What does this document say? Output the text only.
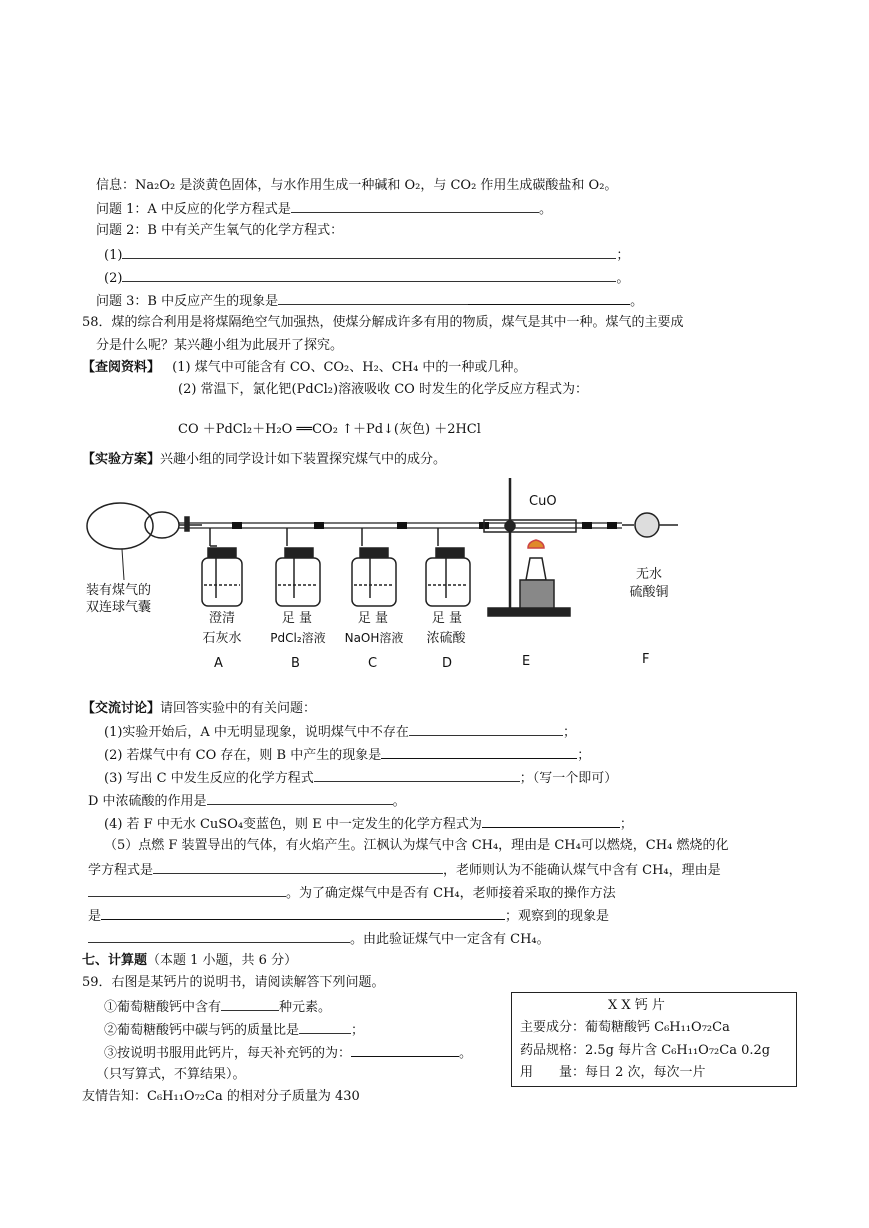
信息：Na₂O₂ 是淡黄色固体，与水作用生成一种碱和 O₂，与 CO₂ 作用生成碳酸盐和 O₂。
问题 1：A 中反应的化学方程式是	。
问题 2：B 中有关产生氧气的化学方程式：
(1)	；
(2)	。
问题 3：B 中反应产生的现象是	。
58．煤的综合利用是将煤隔绝空气加强热，使煤分解成许多有用的物质，煤气是其中一种。煤气的主要成
分是什么呢？某兴趣小组为此展开了探究。
【查阅资料】 (1) 煤气中可能含有 CO、CO₂、H₂、CH₄ 中的一种或几种。
(2) 常温下，氯化钯(PdCl₂)溶液吸收 CO 时发生的化学反应方程式为：
CO ＋PdCl₂＋H₂O ══CO₂ ↑＋Pd↓(灰色) ＋2HCl
【实验方案】兴趣小组的同学设计如下装置探究煤气中的成分。
装有煤气的
双连球气囊
CuO
澄清
石灰水
A
足 量
PdCl₂溶液
B
足 量
NaOH溶液
C
足 量
浓硫酸
D	E
无水
硫酸铜
F
【交流讨论】请回答实验中的有关问题：
(1)实验开始后，A 中无明显现象，说明煤气中不存在	；
(2) 若煤气中有 CO 存在，则 B 中产生的现象是	；
(3) 写出 C 中发生反应的化学方程式	；（写一个即可）
D 中浓硫酸的作用是	。
(4) 若 F 中无水 CuSO₄变蓝色，则 E 中一定发生的化学方程式为	；
（5）点燃 F 装置导出的气体，有火焰产生。江枫认为煤气中含 CH₄，理由是 CH₄可以燃烧，CH₄ 燃烧的化
学方程式是	，老师则认为不能确认煤气中含有 CH₄，理由是
。为了确定煤气中是否有 CH₄，老师接着采取的操作方法
是	；观察到的现象是
。由此验证煤气中一定含有 CH₄。
七、计算题（本题 1 小题，共 6 分）
59．右图是某钙片的说明书，请阅读解答下列问题。
①葡萄糖酸钙中含有	种元素。
②葡萄糖酸钙中碳与钙的质量比是	；
③按说明书服用此钙片，每天补充钙的为：	。
（只写算式，不算结果）。
友情告知：C₆H₁₁O₇₂Ca 的相对分子质量为 430
X X 钙 片
主要成分：葡萄糖酸钙 C₆H₁₁O₇₂Ca
药品规格：2.5g 每片含 C₆H₁₁O₇₂Ca 0.2g
用　　量：每日 2 次，每次一片
